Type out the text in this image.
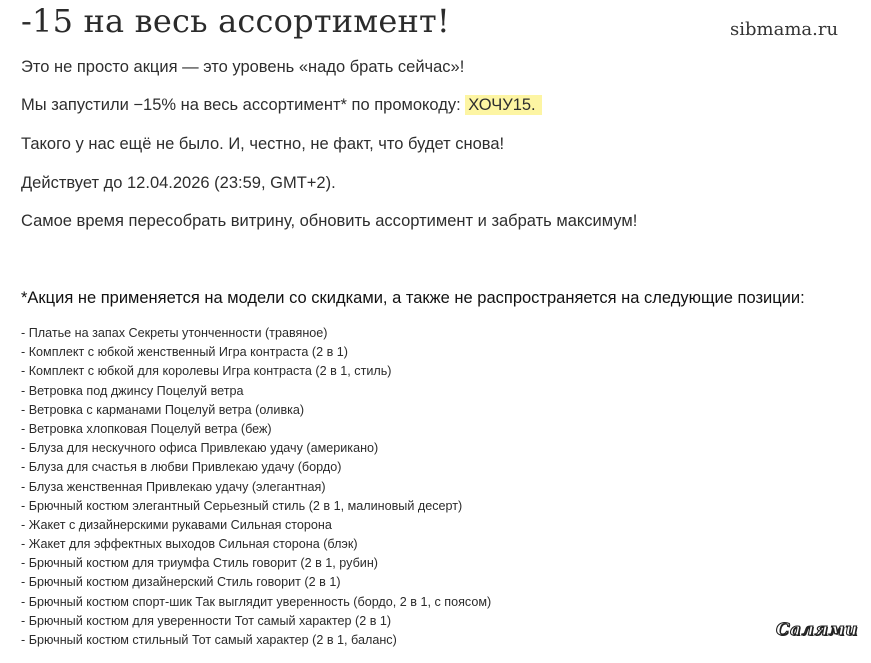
-15 на весь ассортимент!

Это не просто акция — это уровень «надо брать сейчас»!

Мы запустили −15% на весь ассортимент* по промокоду: ХОЧУ15.

Такого у нас ещё не было. И, честно, не факт, что будет снова!

Действует до 12.04.2026 (23:59, GMT+2).

Самое время пересобрать витрину, обновить ассортимент и забрать максимум!

*Акция не применяется на модели со скидками, а также не распространяется на следующие позиции:
- Платье на запах Секреты утонченности (травяное)
- Комплект с юбкой женственный Игра контраста (2 в 1)
- Комплект с юбкой для королевы Игра контраста (2 в 1, стиль)
- Ветровка под джинсу Поцелуй ветра
- Ветровка с карманами Поцелуй ветра (оливка)
- Ветровка хлопковая Поцелуй ветра (беж)
- Блуза для нескучного офиса Привлекаю удачу (американо)
- Блуза для счастья в любви Привлекаю удачу (бордо)
- Блуза женственная Привлекаю удачу (элегантная)
- Брючный костюм элегантный Серьезный стиль (2 в 1, малиновый десерт)
- Жакет с дизайнерскими рукавами Сильная сторона
- Жакет для эффектных выходов Сильная сторона (блэк)
- Брючный костюм для триумфа Стиль говорит (2 в 1, рубин)
- Брючный костюм дизайнерский Стиль говорит (2 в 1)
- Брючный костюм спорт-шик Так выглядит уверенность (бордо, 2 в 1, с поясом)
- Брючный костюм для уверенности Тот самый характер (2 в 1)
- Брючный костюм стильный Тот самый характер (2 в 1, баланс)
sibmama.ru
Салями
